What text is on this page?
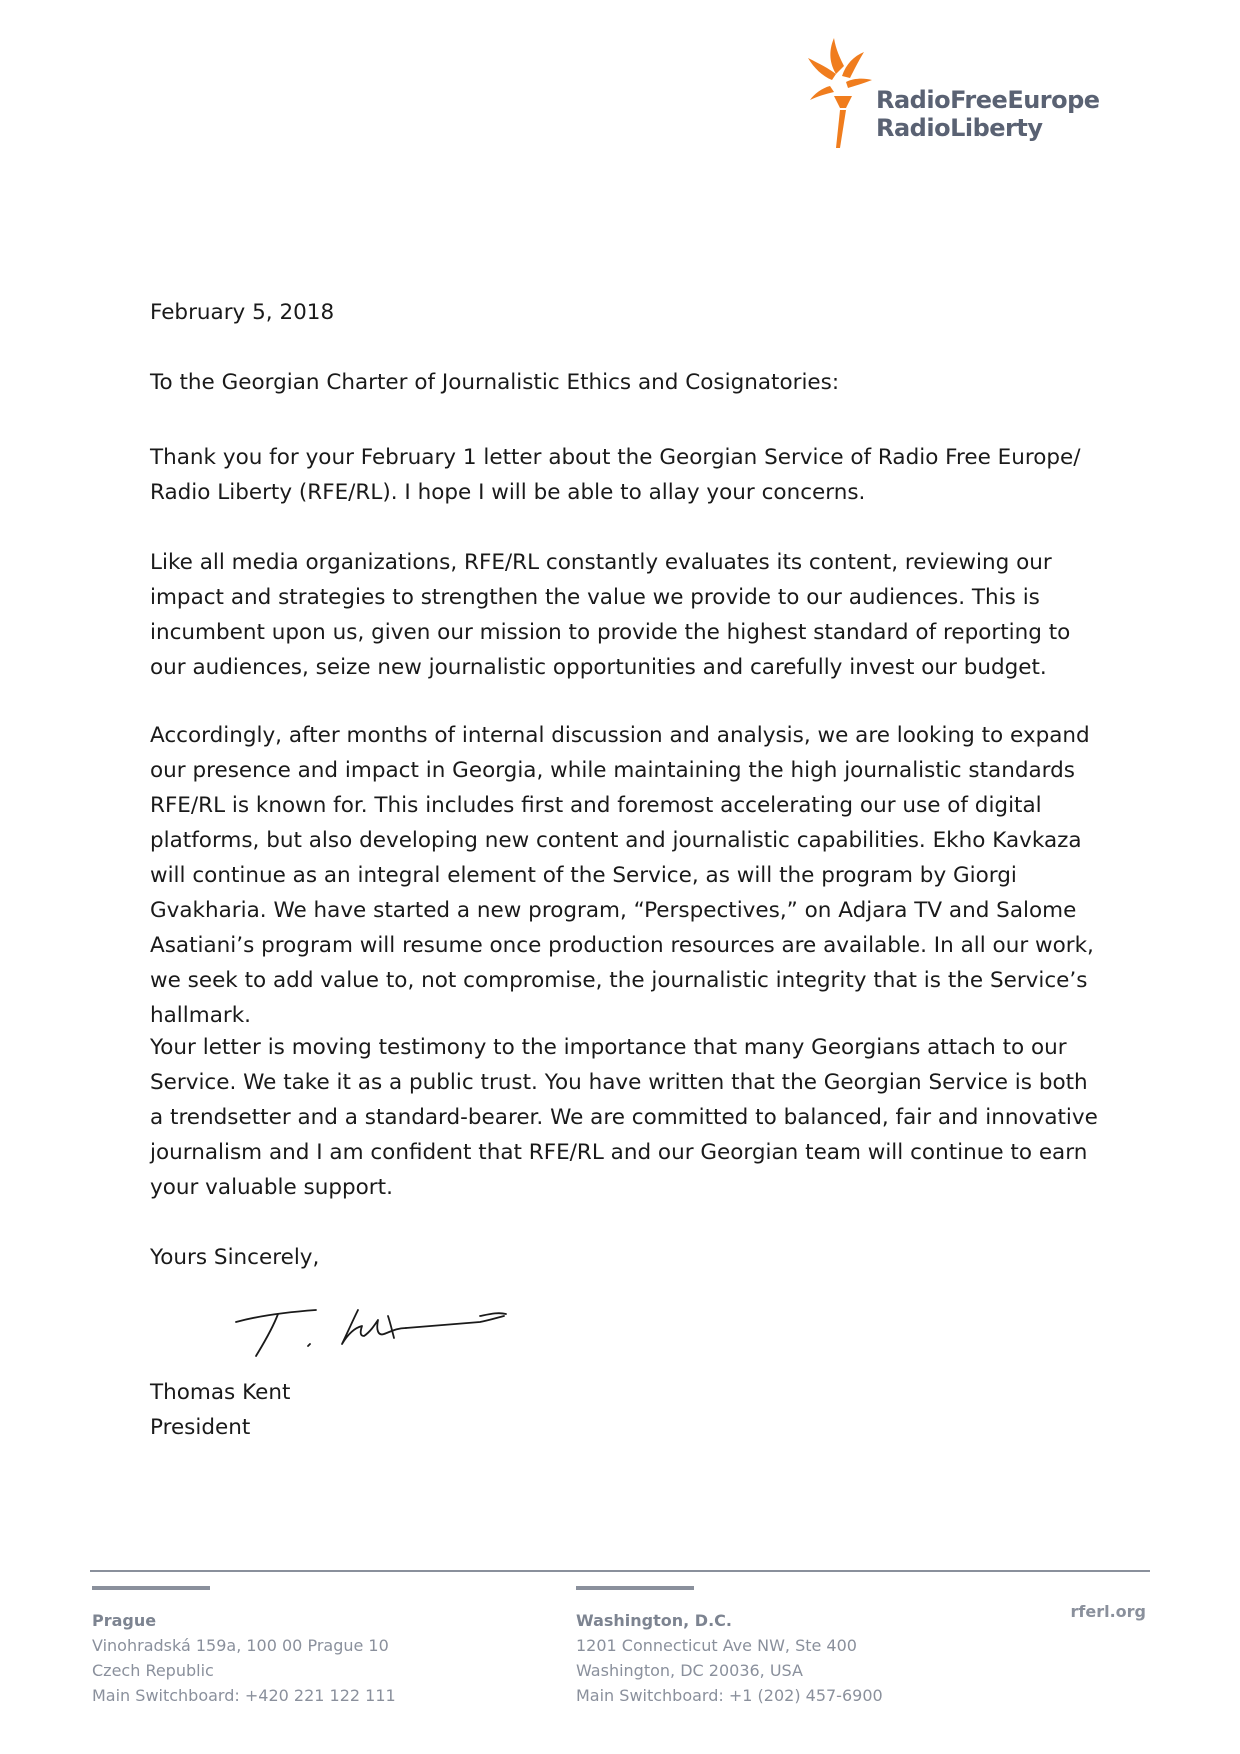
RadioFreeEurope
RadioLiberty
February 5, 2018
To the Georgian Charter of Journalistic Ethics and Cosignatories:
Thank you for your February 1 letter about the Georgian Service of Radio Free Europe/ Radio Liberty (RFE/RL). I hope I will be able to allay your concerns.
Like all media organizations, RFE/RL constantly evaluates its content, reviewing our impact and strategies to strengthen the value we provide to our audiences. This is incumbent upon us, given our mission to provide the highest standard of reporting to our audiences, seize new journalistic opportunities and carefully invest our budget.
Accordingly, after months of internal discussion and analysis, we are looking to expand our presence and impact in Georgia, while maintaining the high journalistic standards RFE/RL is known for. This includes first and foremost accelerating our use of digital platforms, but also developing new content and journalistic capabilities. Ekho Kavkaza will continue as an integral element of the Service, as will the program by Giorgi Gvakharia. We have started a new program, “Perspectives,” on Adjara TV and Salome Asatiani’s program will resume once production resources are available. In all our work, we seek to add value to, not compromise, the journalistic integrity that is the Service’s hallmark.
Your letter is moving testimony to the importance that many Georgians attach to our Service. We take it as a public trust. You have written that the Georgian Service is both a trendsetter and a standard-bearer. We are committed to balanced, fair and innovative journalism and I am confident that RFE/RL and our Georgian team will continue to earn your valuable support.
Yours Sincerely,
Thomas Kent
President
Prague
Vinohradská 159a, 100 00 Prague 10
Czech Republic
Main Switchboard: +420 221 122 111
Washington, D.C.
1201 Connecticut Ave NW, Ste 400
Washington, DC 20036, USA
Main Switchboard: +1 (202) 457-6900
rferl.org
